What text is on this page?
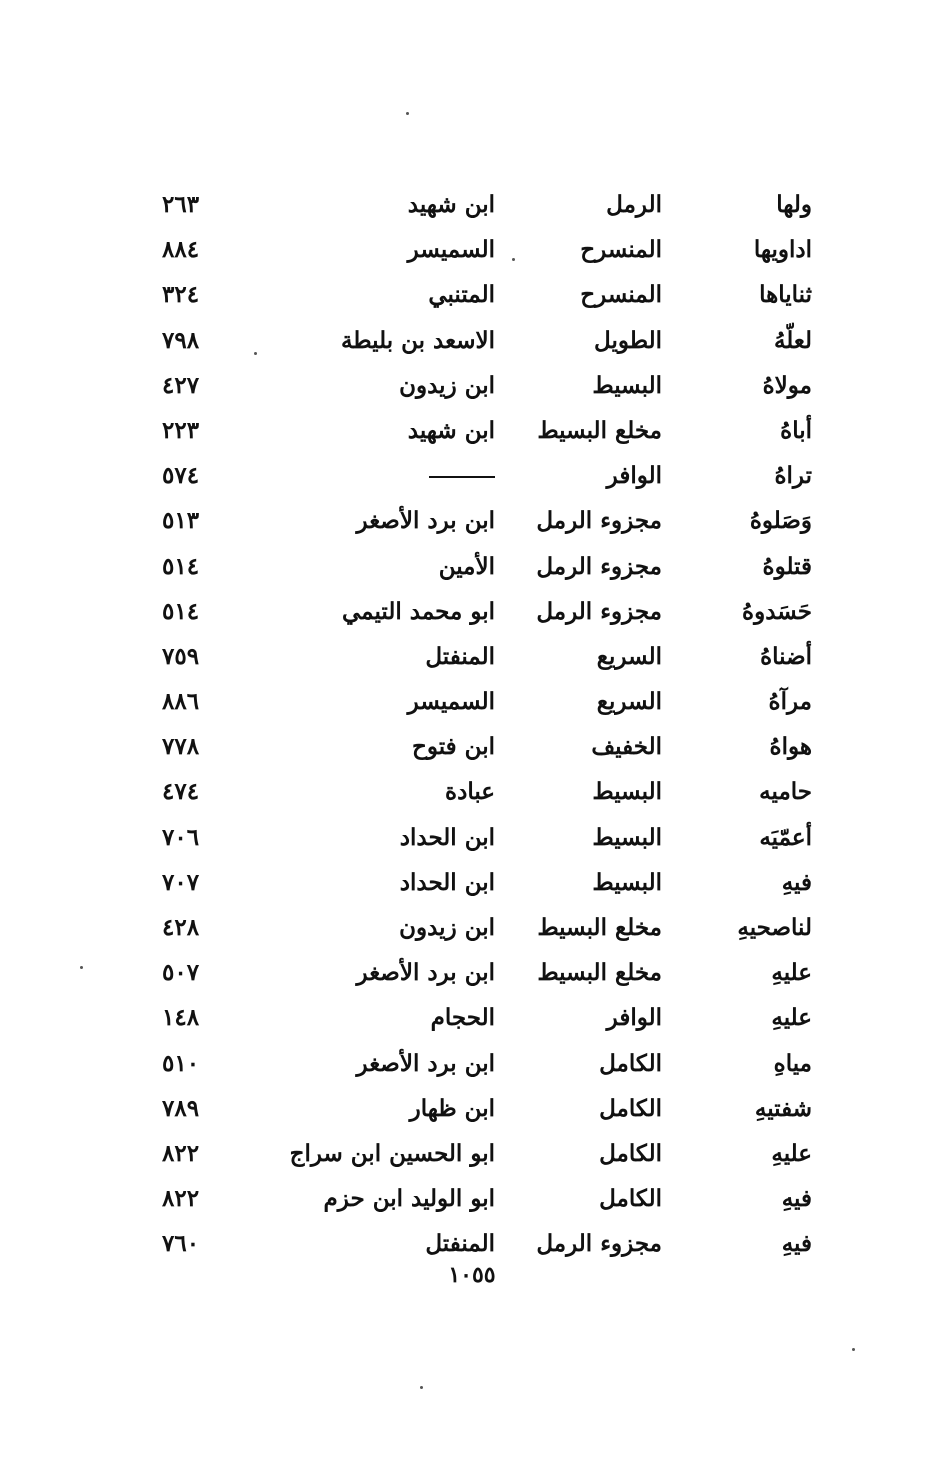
ولها
الرمل
ابن شهيد
٢٦٣
اداويها
المنسرح
السميسر
٨٨٤
ثناياها
المنسرح
المتنبي
٣٢٤
لعلّهُ
الطويل
الاسعد بن بليطة
٧٩٨
مولاهُ
البسيط
ابن زيدون
٤٢٧
أباهُ
مخلع البسيط
ابن شهيد
٢٢٣
تراهُ
الوافر
٥٧٤
وَصَلوهُ
مجزوء الرمل
ابن برد الأصغر
٥١٣
قتلوهُ
مجزوء الرمل
الأمين
٥١٤
حَسَدوهُ
مجزوء الرمل
ابو محمد التيمي
٥١٤
أضناهُ
السريع
المنفتل
٧٥٩
مرآهُ
السريع
السميسر
٨٨٦
هواهُ
الخفيف
ابن فتوح
٧٧٨
حاميه
البسيط
عبادة
٤٧٤
أعمّيَه
البسيط
ابن الحداد
٧٠٦
فيهِ
البسيط
ابن الحداد
٧٠٧
لناصحيهِ
مخلع البسيط
ابن زيدون
٤٢٨
عليهِ
مخلع البسيط
ابن برد الأصغر
٥٠٧
عليهِ
الوافر
الحجام
١٤٨
مياهِ
الكامل
ابن برد الأصغر
٥١٠
شفتيهِ
الكامل
ابن ظهار
٧٨٩
عليهِ
الكامل
ابو الحسين ابن سراج
٨٢٢
فيهِ
الكامل
ابو الوليد ابن حزم
٨٢٢
فيهِ
مجزوء الرمل
المنفتل
٧٦٠
١٠٥٥
